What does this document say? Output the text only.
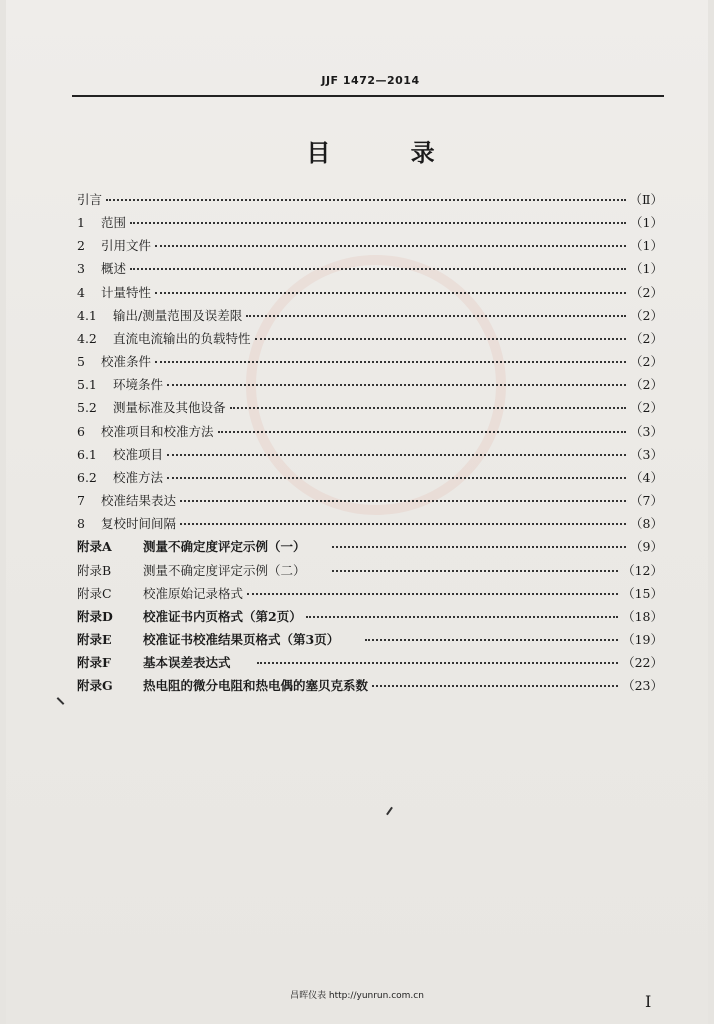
JJF 1472—2014
目 录
引言	（Ⅱ）
1 范围	（1）
2 引用文件	（1）
3 概述	（1）
4 计量特性	（2）
4.1 输出/测量范围及误差限	（2）
4.2 直流电流输出的负载特性	（2）
5 校准条件	（2）
5.1 环境条件	（2）
5.2 测量标准及其他设备	（2）
6 校准项目和校准方法	（3）
6.1 校准项目	（3）
6.2 校准方法	（4）
7 校准结果表达	（7）
8 复校时间间隔	（8）
附录A	测量不确定度评定示例（一）	（9）
附录B	测量不确定度评定示例（二）	（12）
附录C	校准原始记录格式	（15）
附录D 校准证书内页格式（第2页）	（18）
附录E	校准证书校准结果页格式（第3页）	（19）
附录F	基本误差表达式	（22）
附录G 热电阻的微分电阻和热电偶的塞贝克系数	（23）
昌晖仪表 http://yunrun.com.cn	I
